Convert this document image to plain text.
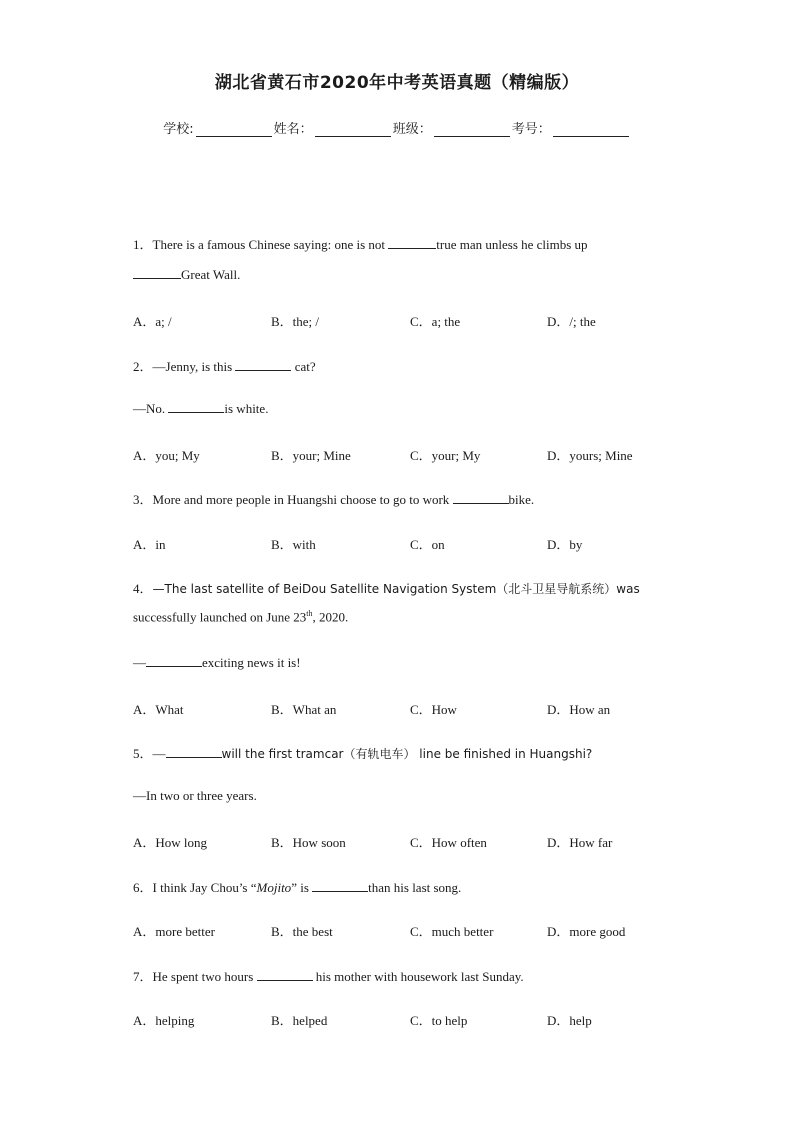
湖北省黄石市2020年中考英语真题（精编版）
学校:	姓名：	班级：	考号：
1．There is a famous Chinese saying: one is not	true man unless he climbs up
Great Wall.
A．a; /	B．the; /	C．a; the	D．/; the
2．—Jenny, is this	cat?
—No.	is white.
A．you; My	B．your; Mine	C．your; My	D．yours; Mine
3．More and more people in Huangshi choose to go to work	bike.
A．in	B．with	C．on	D．by
4．—The last satellite of BeiDou Satellite Navigation System（北斗卫星导航系统）was
successfully launched on June 23th, 2020.
—	exciting news it is!
A．What	B．What an	C．How	D．How an
5．—	will the first tramcar（有轨电车） line be finished in Huangshi?
—In two or three years.
A．How long	B．How soon	C．How often	D．How far
6．I think Jay Chou’s “Mojito” is	than his last song.
A．more better	B．the best	C．much better	D．more good
7．He spent two hours	his mother with housework last Sunday.
A．helping	B．helped	C．to help	D．help
